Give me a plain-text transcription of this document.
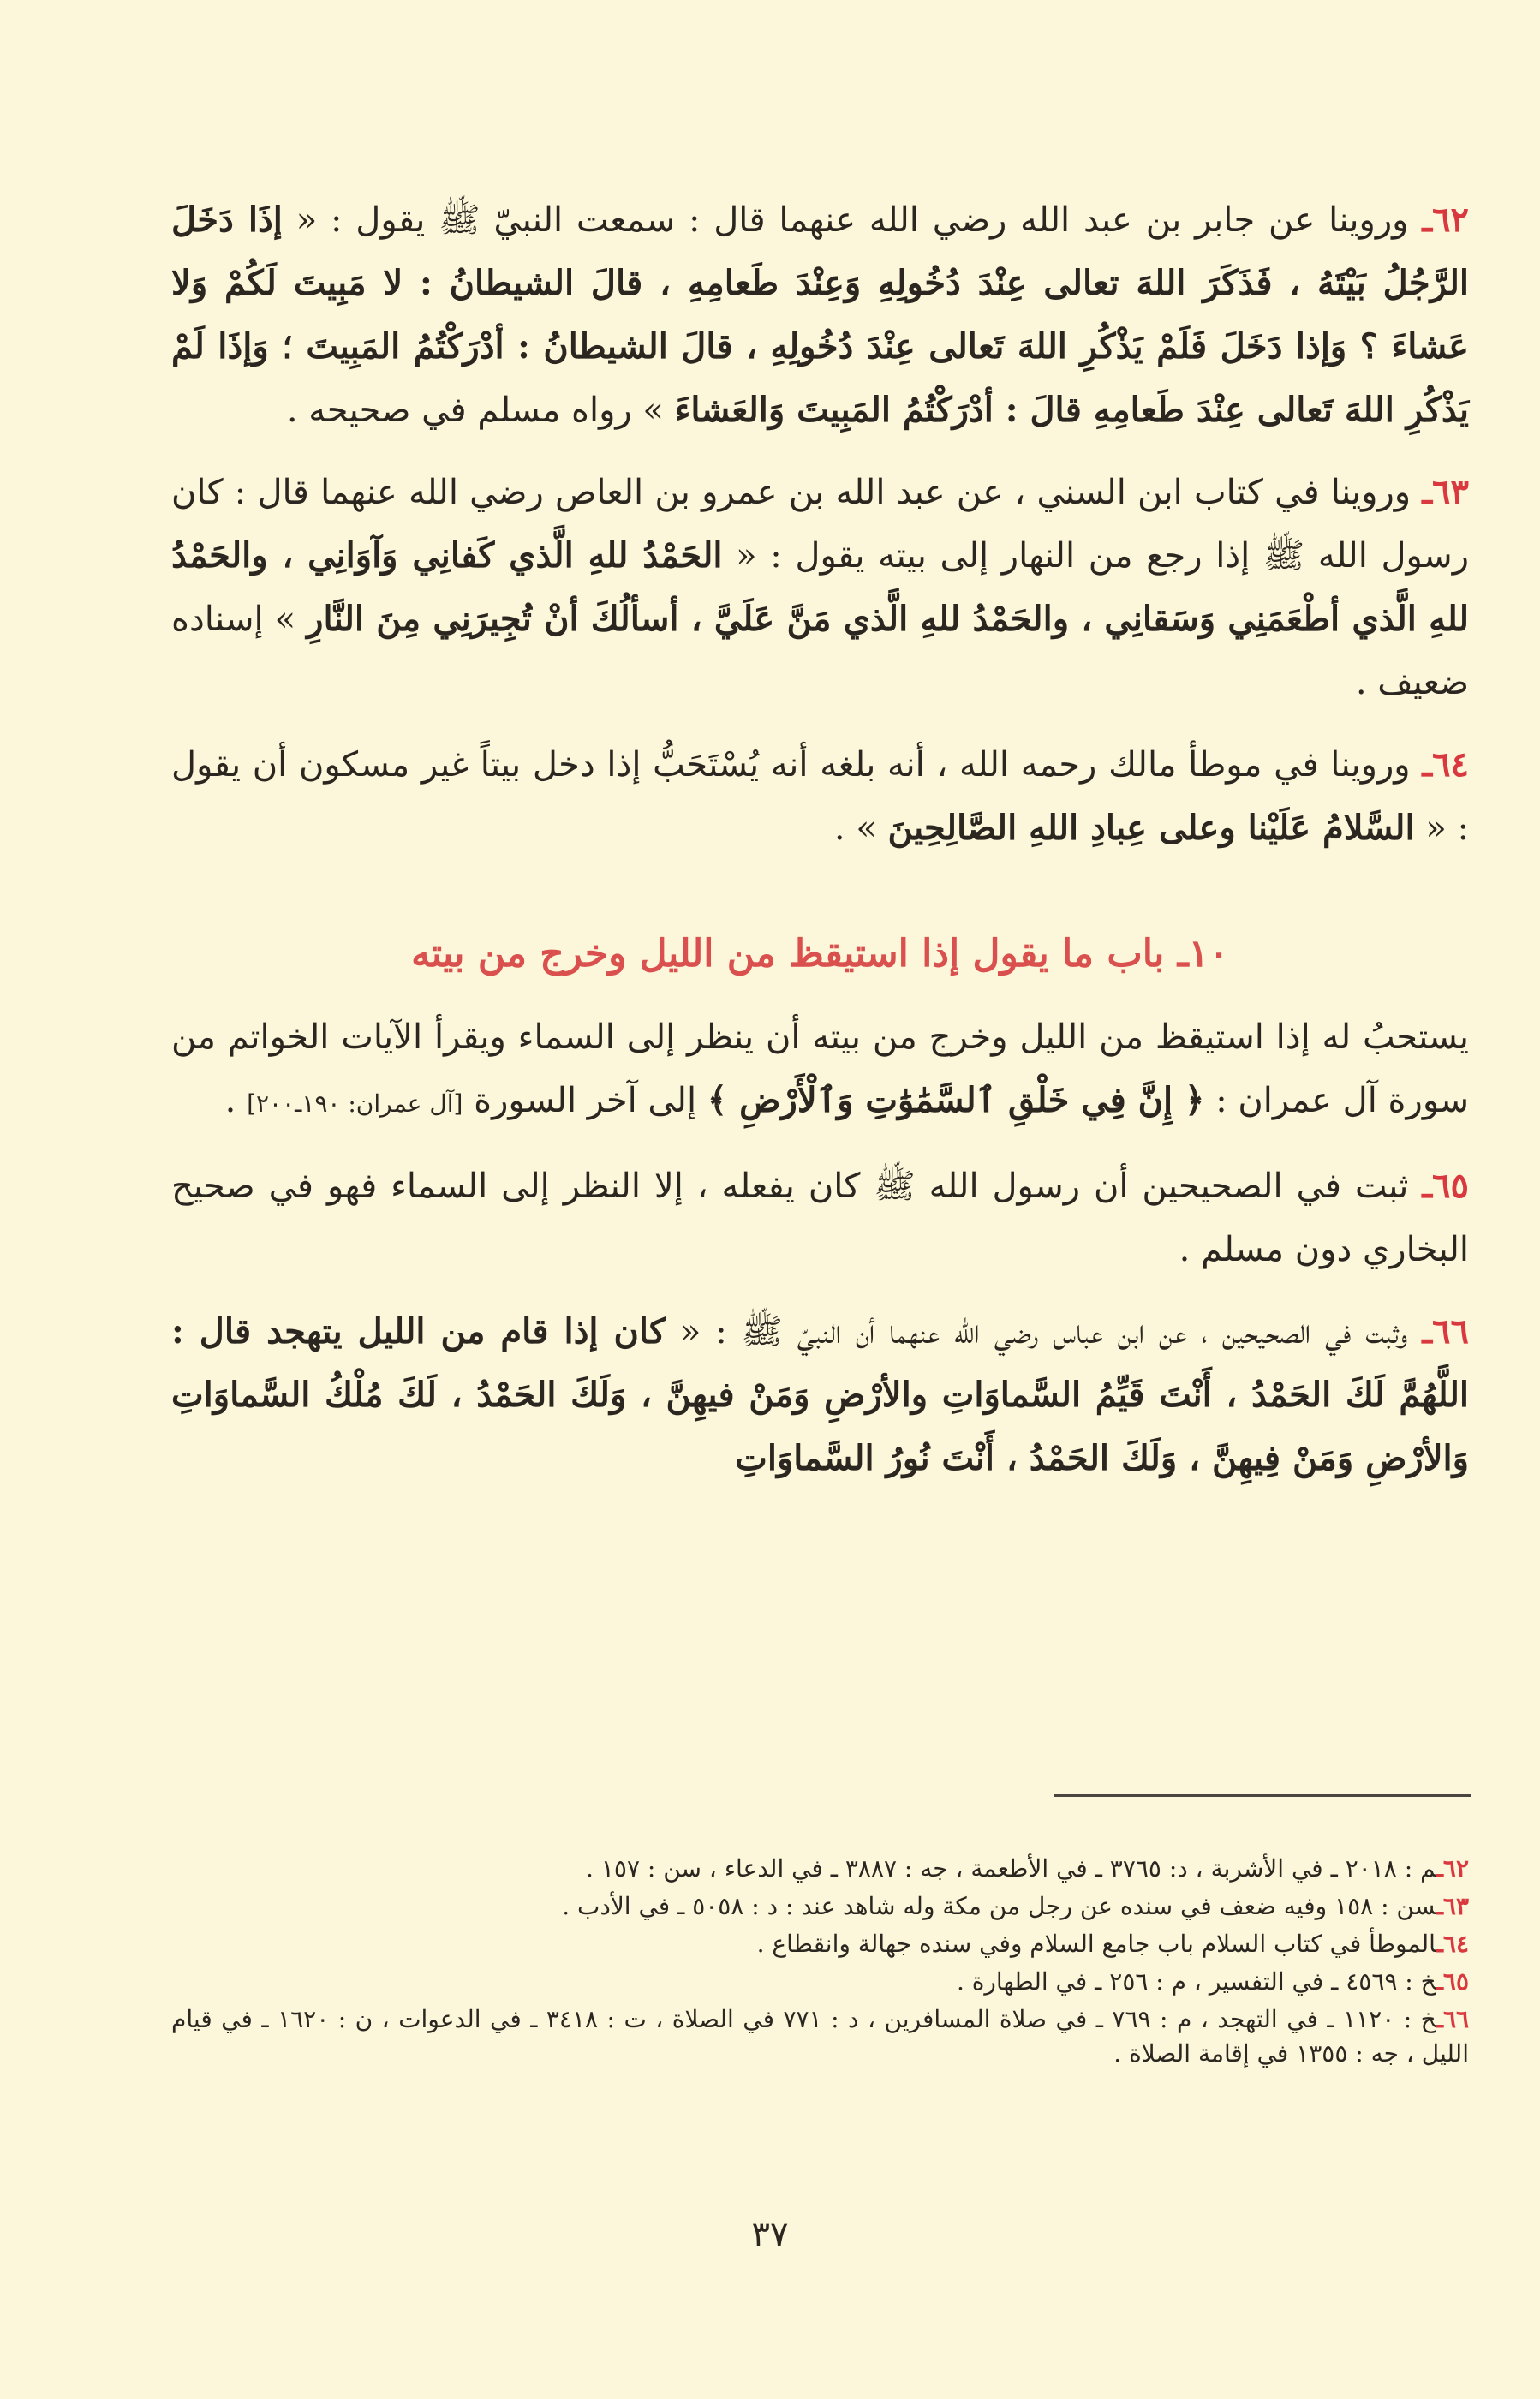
٦٢ـ وروينا عن جابر بن عبد الله رضي الله عنهما قال : سمعت النبيّ ﷺ يقول : « إذَا دَخَلَ الرَّجُلُ بَيْتَهُ ، فَذَكَرَ اللهَ تعالى عِنْدَ دُخُولِهِ وَعِنْدَ طَعامِهِ ، قالَ الشيطانُ : لا مَبِيتَ لَكُمْ وَلا عَشاءَ ؟ وَإذا دَخَلَ فَلَمْ يَذْكُرِ اللهَ تَعالى عِنْدَ دُخُولِهِ ، قالَ الشيطانُ : أدْرَكْتُمُ المَبِيتَ ؛ وَإذَا لَمْ يَذْكُرِ اللهَ تَعالى عِنْدَ طَعامِهِ قالَ : أدْرَكْتُمُ المَبِيتَ وَالعَشاءَ » رواه مسلم في صحيحه .

٦٣ـ وروينا في كتاب ابن السني ، عن عبد الله بن عمرو بن العاص رضي الله عنهما قال : كان رسول الله ﷺ إذا رجع من النهار إلى بيته يقول : « الحَمْدُ للهِ الَّذي كَفانِي وَآوَانِي ، والحَمْدُ للهِ الَّذي أطْعَمَنِي وَسَقانِي ، والحَمْدُ للهِ الَّذي مَنَّ عَلَيَّ ، أسألُكَ أنْ تُجِيرَنِي مِنَ النَّارِ » إسناده ضعيف .

٦٤ـ وروينا في موطأ مالك رحمه الله ، أنه بلغه أنه يُسْتَحَبُّ إذا دخل بيتاً غير مسكون أن يقول : « السَّلامُ عَلَيْنا وعلى عِبادِ اللهِ الصَّالِحِينَ » .

١٠ـ باب ما يقول إذا استيقظ من الليل وخرج من بيته

يستحبُ له إذا استيقظ من الليل وخرج من بيته أن ينظر إلى السماء ويقرأ الآيات الخواتم من سورة آل عمران : ﴿ إِنَّ فِي خَلْقِ ٱلسَّمَٰوَٰتِ وَٱلْأَرْضِ ﴾ إلى آخر السورة [آل عمران: ١٩٠ـ٢٠٠] .

٦٥ـ ثبت في الصحيحين أن رسول الله ﷺ كان يفعله ، إلا النظر إلى السماء فهو في صحيح البخاري دون مسلم .

٦٦ـ وثبت في الصحيحين ، عن ابن عباس رضي الله عنهما أن النبيّ ﷺ : « كان إذا قام من الليل يتهجد قال : اللَّهُمَّ لَكَ الحَمْدُ ، أَنْتَ قَيِّمُ السَّماوَاتِ والأرْضِ وَمَنْ فيهِنَّ ، وَلَكَ الحَمْدُ ، لَكَ مُلْكُ السَّماوَاتِ وَالأرْضِ وَمَنْ فِيهِنَّ ، وَلَكَ الحَمْدُ ، أَنْتَ نُورُ السَّماوَاتِ

٦٢ـم : ٢٠١٨ ـ في الأشربة ، د: ٣٧٦٥ ـ في الأطعمة ، جه : ٣٨٨٧ ـ في الدعاء ، سن : ١٥٧ .

٦٣ـسن : ١٥٨ وفيه ضعف في سنده عن رجل من مكة وله شاهد عند : د : ٥٠٥٨ ـ في الأدب .

٦٤ـالموطأ في كتاب السلام باب جامع السلام وفي سنده جهالة وانقطاع .

٦٥ـخ : ٤٥٦٩ ـ في التفسير ، م : ٢٥٦ ـ في الطهارة .

٦٦ـخ : ١١٢٠ ـ في التهجد ، م : ٧٦٩ ـ في صلاة المسافرين ، د : ٧٧١ في الصلاة ، ت : ٣٤١٨ ـ في الدعوات ، ن : ١٦٢٠ ـ في قيام الليل ، جه : ١٣٥٥ في إقامة الصلاة .

٣٧
